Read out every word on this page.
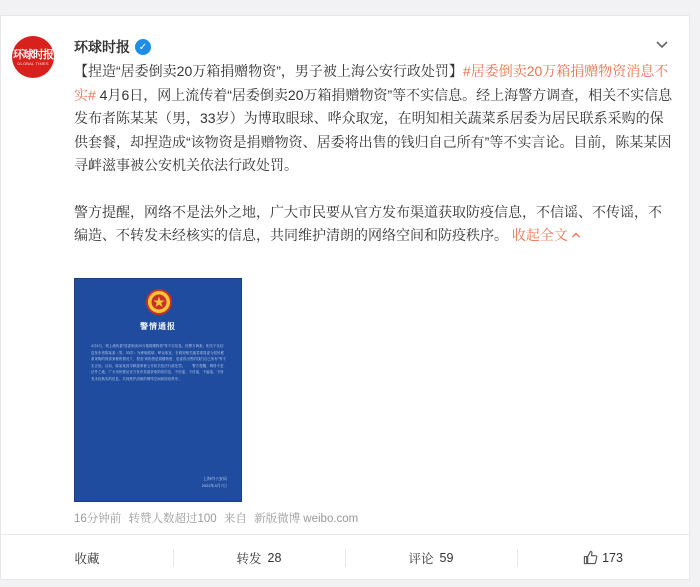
环球时报
GLOBAL TIMES
环球时报 ✓

【捏造“居委倒卖20万箱捐赠物资”，男子被上海公安行政处罚】#居委倒卖20万箱捐赠物资消息不实# 4月6日，网上流传着“居委倒卖20万箱捐赠物资”等不实信息。经上海警方调查，相关不实信息发布者陈某某（男，33岁）为博取眼球、哗众取宠，在明知相关蔬菜系居委为居民联系采购的保供套餐，却捏造成“该物资是捐赠物资、居委将出售的钱归自己所有”等不实言论。目前，陈某某因寻衅滋事被公安机关依法行政处罚。

警方提醒，网络不是法外之地，广大市民要从官方发布渠道获取防疫信息，不信谣、不传谣，不编造、不转发未经核实的信息，共同维护清朗的网络空间和防疫秩序。 收起全文

警情通报
4月6日，网上流传着“居委倒卖20万箱捐赠物资”等不实信息。经警方调查，相关不实信息发布者陈某某（男，33岁）为博取眼球、哗众取宠，在明知相关蔬菜系居委为居民联系采购的保供套餐的情况下，捏造“该物资是捐赠物资、居委将出售的钱归自己所有”等不实言论。目前，陈某某因寻衅滋事被公安机关依法行政处罚。　　警方提醒，网络不是法外之地，广大市民要从官方发布渠道获取防疫信息，不信谣、不传谣，不编造、不转发未经核实的信息，共同维护清朗的网络空间和防疫秩序。
上海市公安局
2022年4月7日
16分钟前 转赞人数超过100 来自 新版微博 weibo.com
收藏	转发 28	评论 59	173
